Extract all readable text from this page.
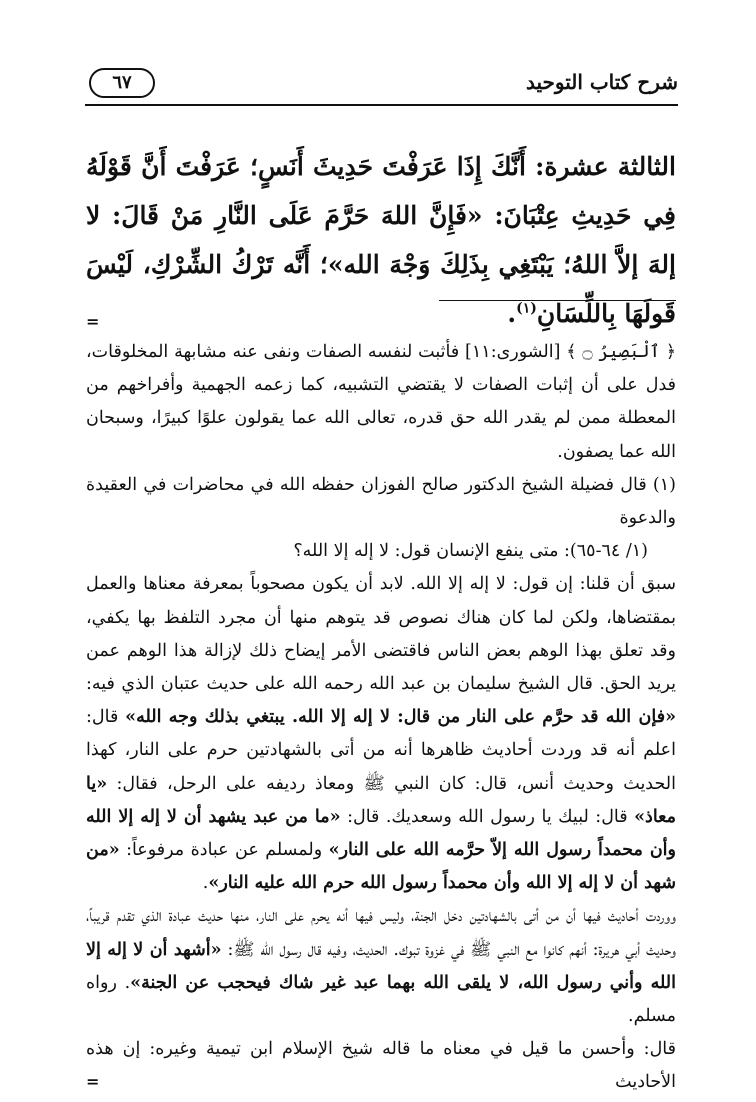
شرح كتاب التوحيد
٦٧
الثالثة عشرة: أَنَّكَ إِذَا عَرَفْتَ حَدِيثَ أَنَسٍ؛ عَرَفْتَ أَنَّ قَوْلَهُ فِي حَدِيثِ عِتْبَانَ: «فَإِنَّ اللهَ حَرَّمَ عَلَى النَّارِ مَنْ قَالَ: لا إلهَ إلاَّ اللهُ؛ يَبْتَغِي بِذَلِكَ وَجْهَ الله»؛ أَنَّه تَرْكُ الشِّرْكِ، لَيْسَ قَولَهَا بِاللِّسَانِ$^{(١)}$.
=

﴿ ٱلْبَصِيرُ ۝ ﴾ [الشورى:١١] فأثبت لنفسه الصفات ونفى عنه مشابهة المخلوقات، فدل على أن إثبات الصفات لا يقتضي التشبيه، كما زعمه الجهمية وأفراخهم من المعطلة ممن لم يقدر الله حق قدره، تعالى الله عما يقولون علوًا كبيرًا، وسبحان الله عما يصفون.

(١) قال فضيلة الشيخ الدكتور صالح الفوزان حفظه الله في محاضرات في العقيدة والدعوة

(١/ ٦٤-٦٥): متى ينفع الإنسان قول: لا إله إلا الله؟

سبق أن قلنا: إن قول: لا إله إلا الله. لابد أن يكون مصحوباً بمعرفة معناها والعمل بمقتضاها، ولكن لما كان هناك نصوص قد يتوهم منها أن مجرد التلفظ بها يكفي، وقد تعلق بهذا الوهم بعض الناس فاقتضى الأمر إيضاح ذلك لإزالة هذا الوهم عمن يريد الحق. قال الشيخ سليمان بن عبد الله رحمه الله على حديث عتبان الذي فيه: «فإن الله قد حرَّم على النار من قال: لا إله إلا الله. يبتغي بذلك وجه الله» قال: اعلم أنه قد وردت أحاديث ظاهرها أنه من أتى بالشهادتين حرم على النار، كهذا الحديث وحديث أنس، قال: كان النبي ﷺ ومعاذ رديفه على الرحل، فقال: «يا معاذ» قال: لبيك يا رسول الله وسعديك. قال: «ما من عبد يشهد أن لا إله إلا الله وأن محمداً رسول الله إلاّ حرَّمه الله على النار» ولمسلم عن عبادة مرفوعاً: «من شهد أن لا إله إلا الله وأن محمداً رسول الله حرم الله عليه النار».

ووردت أحاديث فيها أن من أتى بالشهادتين دخل الجنة، وليس فيها أنه يحرم على النار، منها حديث عبادة الذي تقدم قريباً، وحديث أبي هريرة: أنهم كانوا مع النبي ﷺ في غزوة تبوك. الحديث، وفيه قال رسول الله ﷺ: «أشهد أن لا إله إلا الله وأني رسول الله، لا يلقى الله بهما عبد غير شاك فيحجب عن الجنة». رواه مسلم.

قال: وأحسن ما قيل في معناه ما قاله شيخ الإسلام ابن تيمية وغيره: إن هذه الأحاديث

=
